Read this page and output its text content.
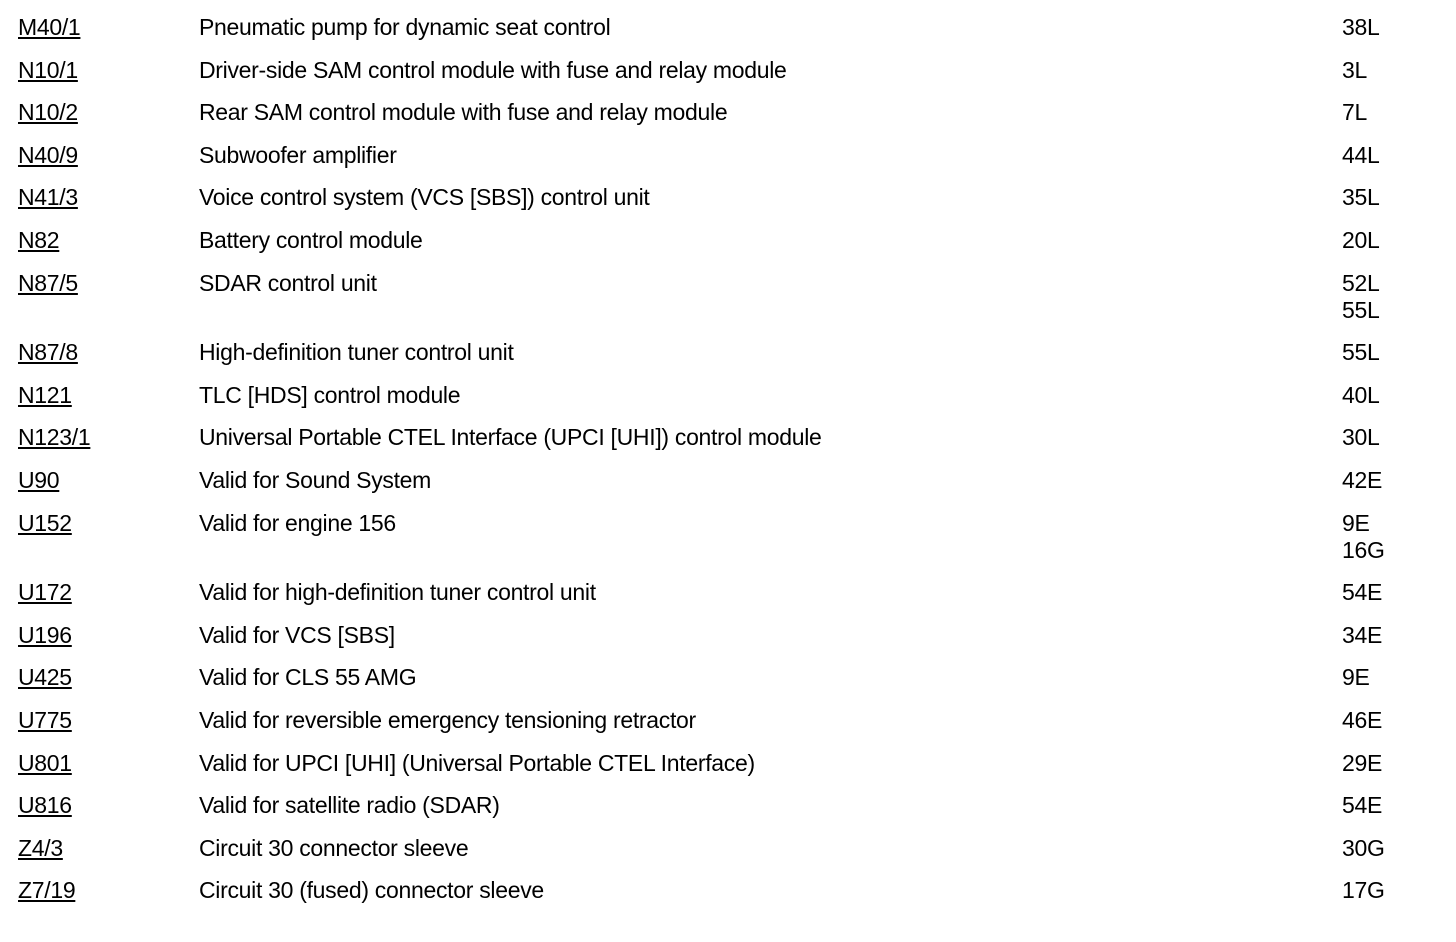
M40/1	Pneumatic pump for dynamic seat control	38L
N10/1	Driver-side SAM control module with fuse and relay module	3L
N10/2	Rear SAM control module with fuse and relay module	7L
N40/9	Subwoofer amplifier	44L
N41/3	Voice control system (VCS [SBS]) control unit	35L
N82	Battery control module	20L
N87/5	SDAR control unit	52L
55L
N87/8	High-definition tuner control unit	55L
N121	TLC [HDS] control module	40L
N123/1	Universal Portable CTEL Interface (UPCI [UHI]) control module	30L
U90	Valid for Sound System	42E
U152	Valid for engine 156	9E
16G
U172	Valid for high-definition tuner control unit	54E
U196	Valid for VCS [SBS]	34E
U425	Valid for CLS 55 AMG	9E
U775	Valid for reversible emergency tensioning retractor	46E
U801	Valid for UPCI [UHI] (Universal Portable CTEL Interface)	29E
U816	Valid for satellite radio (SDAR)	54E
Z4/3	Circuit 30 connector sleeve	30G
Z7/19	Circuit 30 (fused) connector sleeve	17G
